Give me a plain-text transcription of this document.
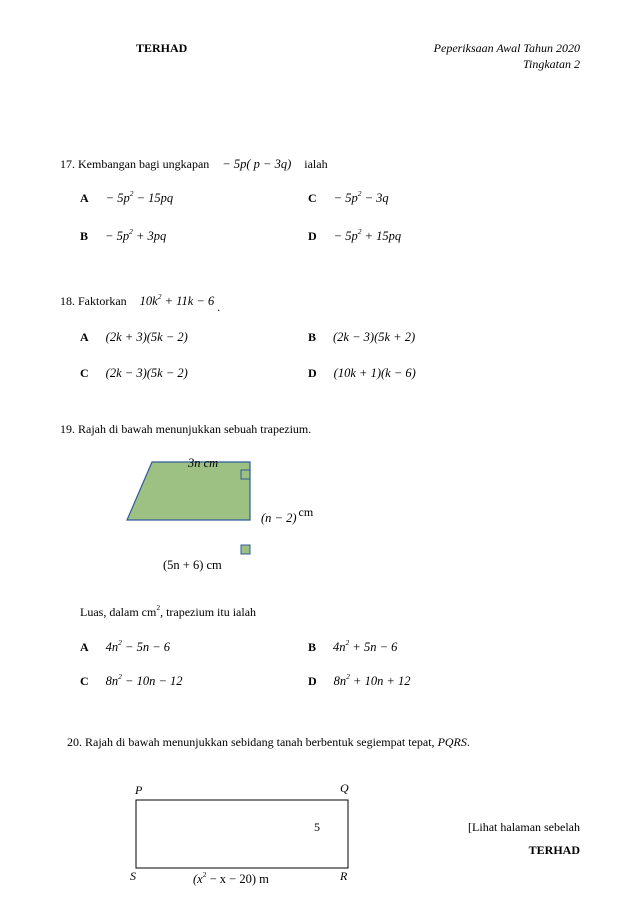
TERHAD	Peperiksaan Awal Tahun 2020
Tingkatan 2
17. Kembangan bagi ungkapan − 5p( p − 3q) ialah
$A - 5p^2 - 15pq$	$C - 5p^2 - 3q$
$B - 5p^2 + 3pq$	$D - 5p^2 + 15pq$
18. Faktorkan $10k^2 + 11k - 6$ .
A (2k + 3)(5k − 2)	B (2k − 3)(5k + 2)
C (2k − 3)(5k − 2)	D (10k + 1)(k − 6)
19. Rajah di bawah menunjukkan sebuah trapezium.
3n cm
(n − 2) cm
(5n + 6) cm
Luas, dalam $cm^2$, trapezium itu ialah
A $4n^2 - 5n - 6$	B $4n^2 + 5n - 6$
C $8n^2 - 10n - 12$	D $8n^2 + 10n + 12$
20. Rajah di bawah menunjukkan sebidang tanah berbentuk segiempat tepat, PQRS.
P	Q
S	R
5
$(x^2 - x - 20)$ m
[Lihat halaman sebelah
TERHAD
